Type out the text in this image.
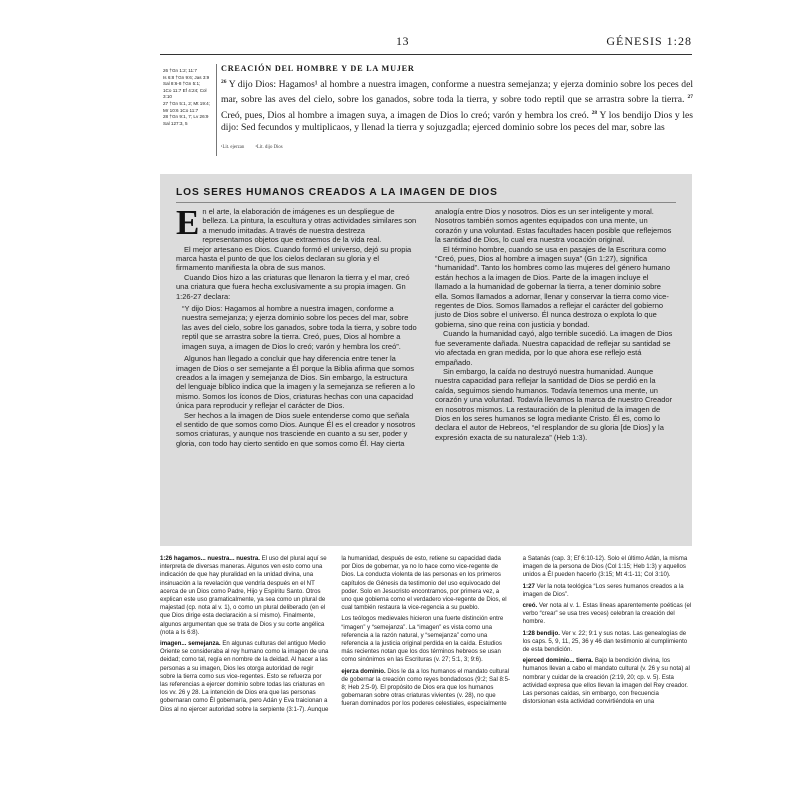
13	GÉNESIS 1:28
26 †Gn 1:2; 11:7
Is 6:8 †Gn 9:6; Jas 3:9
Sal 8:6-8 †Gn 5:1;
1Co 11:7 Ef 4:24; Col 3:10
27 †Gn 5:1, 2; Mt 19:4;
Mr 10:6 1Co 11:7
28 †Gn 9:1, 7; Lv 26:9
Sal 127:3, 5
CREACIÓN DEL HOMBRE Y DE LA MUJER

$^{26}$ Y dijo Dios: Hagamos¹ al hombre a nuestra imagen, conforme a nuestra semejanza; y ejerza dominio sobre los peces del mar, sobre las aves del cielo, sobre los ganados, sobre toda la tierra, y sobre todo reptil que se arrastra sobre la tierra. $^{27}$ Creó, pues, Dios al hombre a imagen suya, a imagen de Dios lo creó; varón y hembra los creó. $^{28}$ Y los bendijo Dios y les dijo: Sed fecundos y multiplicaos, y llenad la tierra y sojuzgadla; ejerced dominio sobre los peces del mar, sobre las

¹Lit. ejerzan ²Lit. dijo Dios
LOS SERES HUMANOS CREADOS A LA IMAGEN DE DIOS

En el arte, la elaboración de imágenes es un despliegue de belleza. La pintura, la escultura y otras actividades similares son a menudo imitadas. A través de nuestra destreza representamos objetos que extraemos de la vida real.

El mejor artesano es Dios. Cuando formó el universo, dejó su propia marca hasta el punto de que los cielos declaran su gloria y el firmamento manifiesta la obra de sus manos.

Cuando Dios hizo a las criaturas que llenaron la tierra y el mar, creó una criatura que fuera hecha exclusivamente a su propia imagen. Gn 1:26-27 declara:

“Y dijo Dios: Hagamos al hombre a nuestra imagen, conforme a nuestra semejanza; y ejerza dominio sobre los peces del mar, sobre las aves del cielo, sobre los ganados, sobre toda la tierra, y sobre todo reptil que se arrastra sobre la tierra. Creó, pues, Dios al hombre a imagen suya, a imagen de Dios lo creó; varón y hembra los creó”.

Algunos han llegado a concluir que hay diferencia entre tener la imagen de Dios o ser semejante a Él porque la Biblia afirma que somos creados a la imagen y semejanza de Dios. Sin embargo, la estructura del lenguaje bíblico indica que la imagen y la semejanza se refieren a lo mismo. Somos los íconos de Dios, criaturas hechas con una capacidad única para reproducir y reflejar el carácter de Dios.

Ser hechos a la imagen de Dios suele entenderse como que señala el sentido de que somos como Dios. Aunque Él es el creador y nosotros somos criaturas, y aunque nos trasciende en cuanto a su ser, poder y gloria, con todo hay cierto sentido en que somos como Él. Hay cierta analogía entre Dios y nosotros. Dios es un ser inteligente y moral. Nosotros también somos agentes equipados con una mente, un corazón y una voluntad. Estas facultades hacen posible que reflejemos la santidad de Dios, lo cual era nuestra vocación original.

El término hombre, cuando se usa en pasajes de la Escritura como “Creó, pues, Dios al hombre a imagen suya” (Gn 1:27), significa “humanidad”. Tanto los hombres como las mujeres del género humano están hechos a la imagen de Dios. Parte de la imagen incluye el llamado a la humanidad de gobernar la tierra, a tener dominio sobre ella. Somos llamados a adornar, llenar y conservar la tierra como vice-regentes de Dios. Somos llamados a reflejar el carácter del gobierno justo de Dios sobre el universo. Él nunca destroza o explota lo que gobierna, sino que reina con justicia y bondad.

Cuando la humanidad cayó, algo terrible sucedió. La imagen de Dios fue severamente dañada. Nuestra capacidad de reflejar su santidad se vio afectada en gran medida, por lo que ahora ese reflejo está empañado.

Sin embargo, la caída no destruyó nuestra humanidad. Aunque nuestra capacidad para reflejar la santidad de Dios se perdió en la caída, seguimos siendo humanos. Todavía tenemos una mente, un corazón y una voluntad. Todavía llevamos la marca de nuestro Creador en nosotros mismos. La restauración de la plenitud de la imagen de Dios en los seres humanos se logra mediante Cristo. Él es, como lo declara el autor de Hebreos, “el resplandor de su gloria [de Dios] y la expresión exacta de su naturaleza” (Heb 1:3).

1:26 hagamos... nuestra... nuestra. El uso del plural aquí se interpreta de diversas maneras. Algunos ven esto como una indicación de que hay pluralidad en la unidad divina, una insinuación a la revelación que vendría después en el NT acerca de un Dios como Padre, Hijo y Espíritu Santo. Otros explican este uso gramaticalmente, ya sea como un plural de majestad (cp. nota al v. 1), o como un plural deliberado (en el que Dios dirige esta declaración a sí mismo). Finalmente, algunos argumentan que se trata de Dios y su corte angélica (nota a Is 6:8).

imagen... semejanza. En algunas culturas del antiguo Medio Oriente se consideraba al rey humano como la imagen de una deidad; como tal, regía en nombre de la deidad. Al hacer a las personas a su imagen, Dios les otorga autoridad de regir sobre la tierra como sus vice-regentes. Esto se refuerza por las referencias a ejercer dominio sobre todas las criaturas en los vv. 26 y 28. La intención de Dios era que las personas gobernaran como Él gobernaría, pero Adán y Eva traicionan a Dios al no ejercer autoridad sobre la serpiente (3:1-7). Aunque la humanidad, después de esto, retiene su capacidad dada por Dios de gobernar, ya no lo hace como vice-regente de Dios. La conducta violenta de las personas en los primeros capítulos de Génesis da testimonio del uso equivocado del poder. Solo en Jesucristo encontramos, por primera vez, a uno que gobierna como el verdadero vice-regente de Dios, el cual también restaura la vice-regencia a su pueblo.

Los teólogos medievales hicieron una fuerte distinción entre “imagen” y “semejanza”. La “imagen” es vista como una referencia a la razón natural, y “semejanza” como una referencia a la justicia original perdida en la caída. Estudios más recientes notan que los dos términos hebreos se usan como sinónimos en las Escrituras (v. 27; 5:1, 3; 9:6).

ejerza dominio. Dios le da a los humanos el mandato cultural de gobernar la creación como reyes bondadosos (9:2; Sal 8:5-8; Heb 2:5-9). El propósito de Dios era que los humanos gobernaran sobre otras criaturas vivientes (v. 28), no que fueran dominados por los poderes celestiales, especialmente a Satanás (cap. 3; Ef 6:10-12). Solo el último Adán, la misma imagen de la persona de Dios (Col 1:15; Heb 1:3) y aquellos unidos a Él pueden hacerlo (3:15; Mt 4:1-11; Col 3:10).

1:27 Ver la nota teológica “Los seres humanos creados a la imagen de Dios”.

creó. Ver nota al v. 1. Estas líneas aparentemente poéticas (el verbo “crear” se usa tres veces) celebran la creación del hombre.

1:28 bendijo. Ver v. 22; 9:1 y sus notas. Las genealogías de los caps. 5, 9, 11, 25, 36 y 46 dan testimonio al cumplimiento de esta bendición.

ejerced dominio... tierra. Bajo la bendición divina, los humanos llevan a cabo el mandato cultural (v. 26 y su nota) al nombrar y cuidar de la creación (2:19, 20; cp. v. 5). Esta actividad expresa que ellos llevan la imagen del Rey creador. Las personas caídas, sin embargo, con frecuencia distorsionan esta actividad convirtiéndola en una
